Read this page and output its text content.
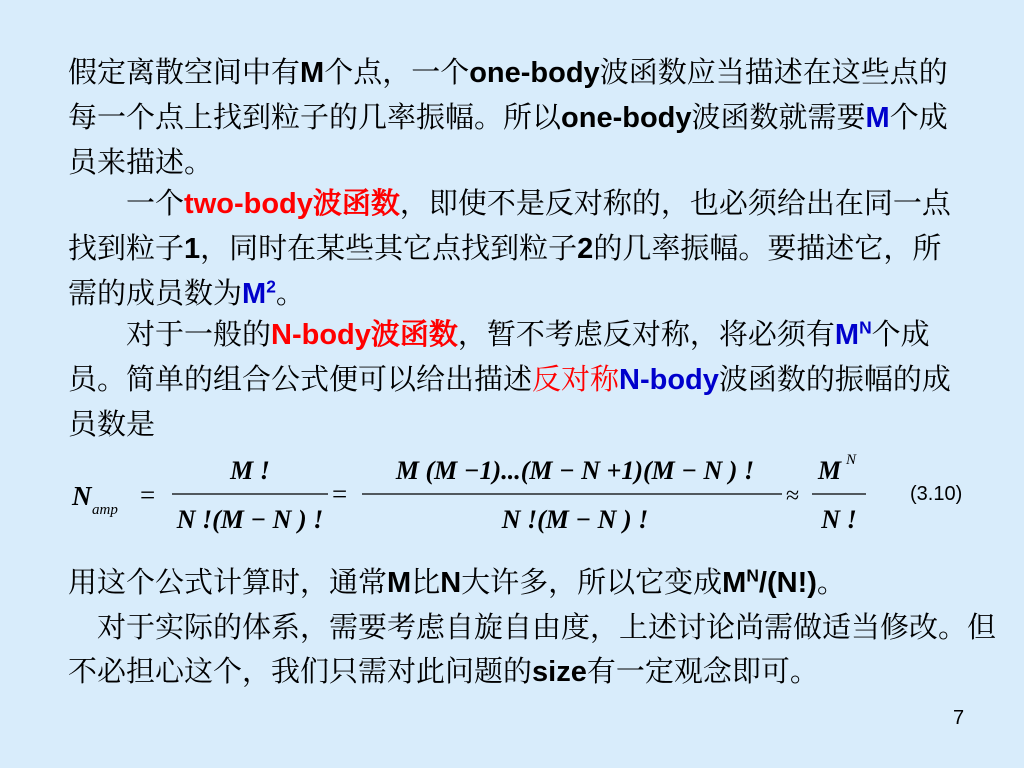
假定离散空间中有M个点，一个one-body波函数应当描述在这些点的每一个点上找到粒子的几率振幅。所以one-body波函数就需要M个成员来描述。

　　一个two-body波函数，即使不是反对称的，也必须给出在同一点找到粒子1，同时在某些其它点找到粒子2的几率振幅。要描述它，所需的成员数为$M^2$。

　　对于一般的N-body波函数，暂不考虑反对称，将必须有$M^N$个成员。简单的组合公式便可以给出描述反对称N-body波函数的振幅的成员数是

N amp =
M !
N !(M − N ) !
=
M (M −1)...(M − N +1)(M − N ) !
N !(M − N ) !
≈
M N
N !
(3.10)

用这个公式计算时，通常M比N大许多，所以它变成$M^N/(N!)$。
　对于实际的体系，需要考虑自旋自由度，上述讨论尚需做适当修改。但不必担心这个，我们只需对此问题的size有一定观念即可。

7
